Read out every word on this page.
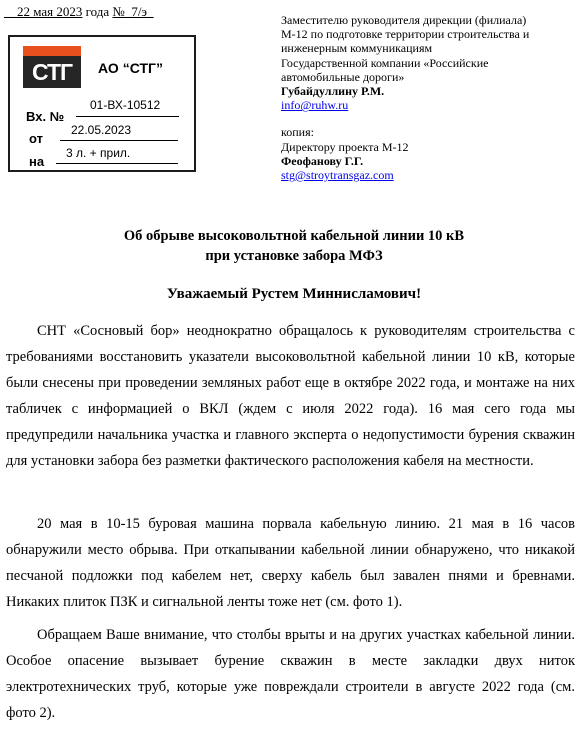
__22 мая 2023 года №_7/э_
СТГ	АО “СТГ”
Вх. №
01-ВХ-10512
от
22.05.2023
на
3 л. + прил.
Заместителю руководителя дирекции (филиала)
М-12 по подготовке территории строительства и
инженерным коммуникациям
Государственной компании «Российские
автомобильные дороги»
Губайдуллину Р.М.
info@ruhw.ru
копия:
Директору проекта М-12
Феофанову Г.Г.
stg@stroytransgaz.com
Об обрыве высоковольтной кабельной линии 10 кВ
при установке забора МФЗ
Уважаемый Рустем Миннисламович!
СНТ «Сосновый бор» неоднократно обращалось к руководителям строительства с требованиями восстановить указатели высоковольтной кабельной линии 10 кВ, которые были снесены при проведении земляных работ еще в октябре 2022 года, и монтаже на них табличек с информацией о ВКЛ (ждем с июля 2022 года). 16 мая сего года мы предупредили начальника участка и главного эксперта о недопустимости бурения скважин для установки забора без разметки фактического расположения кабеля на местности.
20 мая в 10-15 буровая машина порвала кабельную линию. 21 мая в 16 часов обнаружили место обрыва. При откапывании кабельной линии обнаружено, что никакой песчаной подложки под кабелем нет, сверху кабель был завален пнями и бревнами. Никаких плиток ПЗК и сигнальной ленты тоже нет (см. фото 1).
Обращаем Ваше внимание, что столбы врыты и на других участках кабельной линии. Особое опасение вызывает бурение скважин в месте закладки двух ниток электротехнических труб, которые уже повреждали строители в августе 2022 года (см. фото 2).
